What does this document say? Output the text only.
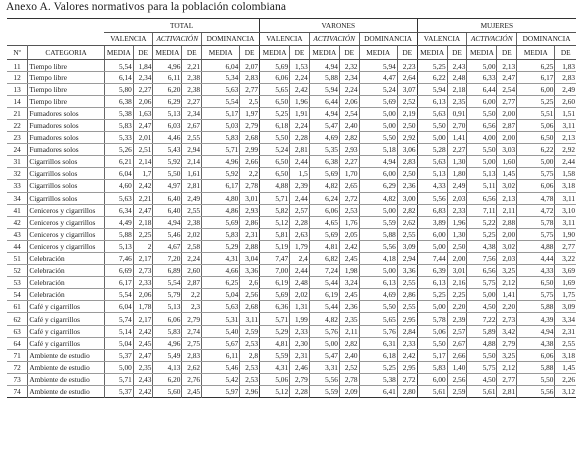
Anexo A. Valores normativos para la población colombiana
		TOTAL						VARONES						MUJERES					
		VALENCIA		ACTIVACIÓN		DOMINANCIA		VALENCIA		ACTIVACIÓN		DOMINANCIA		VALENCIA		ACTIVACIÓN		DOMINANCIA	
Nº	CATEGORIA	MEDIA	DE	MEDIA	DE	MEDIA	DE	MEDIA	DE	MEDIA	DE	MEDIA	DE	MEDIA	DE	MEDIA	DE	MEDIA	DE
11	Tiempo libre	5,54	1,84	4,96	2,21	6,04	2,07	5,69	1,53	4,94	2,32	5,94	2,23	5,25	2,43	5,00	2,13	6,25	1,83
12	Tiempo libre	6,14	2,34	6,11	2,38	5,34	2,83	6,06	2,24	5,88	2,34	4,47	2,64	6,22	2,48	6,33	2,47	6,17	2,83
13	Tiempo libre	5,80	2,27	6,20	2,38	5,63	2,77	5,65	2,42	5,94	2,24	5,24	3,07	5,94	2,18	6,44	2,54	6,00	2,49
14	Tiempo libre	6,38	2,06	6,29	2,27	5,54	2,5	6,50	1,96	6,44	2,06	5,69	2,52	6,13	2,35	6,00	2,77	5,25	2,60
21	Fumadores solos	5,38	1,63	5,13	2,34	5,17	1,97	5,25	1,91	4,94	2,54	5,00	2,19	5,63	0,91	5,50	2,00	5,51	1,51
22	Fumadores solos	5,83	2,47	6,03	2,67	5,03	2,79	6,18	2,24	5,47	2,40	5,00	2,50	5,50	2,70	6,56	2,87	5,06	3,11
23	Fumadores solos	5,33	2,01	4,46	2,55	5,83	2,68	5,50	2,28	4,69	2,82	5,50	2,92	5,00	1,41	4,00	2,00	6,50	2,13
24	Fumadores solos	5,26	2,51	5,43	2,94	5,71	2,99	5,24	2,81	5,35	2,93	5,18	3,06	5,28	2,27	5,50	3,03	6,22	2,92
31	Cigarrillos solos	6,21	2,14	5,92	2,14	4,96	2,66	6,50	2,44	6,38	2,27	4,94	2,83	5,63	1,30	5,00	1,60	5,00	2,44
32	Cigarrillos solos	6,04	1,7	5,50	1,61	5,92	2,2	6,50	1,5	5,69	1,70	6,00	2,50	5,13	1,80	5,13	1,45	5,75	1,58
33	Cigarrillos solos	4,60	2,42	4,97	2,81	6,17	2,78	4,88	2,39	4,82	2,65	6,29	2,36	4,33	2,49	5,11	3,02	6,06	3,18
34	Cigarrillos solos	5,63	2,21	6,40	2,49	4,80	3,01	5,71	2,44	6,24	2,72	4,82	3,00	5,56	2,03	6,56	2,13	4,78	3,11
41	Ceniceros y cigarrillos	6,34	2,47	6,40	2,55	4,86	2,93	5,82	2,57	6,06	2,53	5,00	2,82	6,83	2,33	7,11	2,11	4,72	3,10
42	Ceniceros y cigarrillos	4,49	2,18	4,94	2,38	5,69	2,86	5,12	2,28	4,65	1,76	5,59	2,62	3,89	1,96	5,22	2,88	5,78	3,11
43	Ceniceros y cigarrillos	5,88	2,25	5,46	2,02	5,83	2,31	5,81	2,63	5,69	2,05	5,88	2,55	6,00	1,30	5,25	2,00	5,75	1,90
44	Ceniceros y cigarrillos	5,13	2	4,67	2,58	5,29	2,88	5,19	1,79	4,81	2,42	5,56	3,09	5,00	2,50	4,38	3,02	4,88	2,77
51	Celebración	7,46	2,17	7,20	2,24	4,31	3,04	7,47	2,4	6,82	2,45	4,18	2,94	7,44	2,00	7,56	2,03	4,44	3,22
52	Celebración	6,69	2,73	6,89	2,60	4,66	3,36	7,00	2,44	7,24	1,98	5,00	3,36	6,39	3,01	6,56	3,25	4,33	3,69
53	Celebración	6,17	2,33	5,54	2,87	6,25	2,6	6,19	2,48	5,44	3,24	6,13	2,55	6,13	2,16	5,75	2,12	6,50	1,69
54	Celebración	5,54	2,06	5,79	2,2	5,04	2,56	5,69	2,02	6,19	2,45	4,69	2,86	5,25	2,25	5,00	1,41	5,75	1,75
61	Café y cigarrillos	6,04	1,78	5,13	2,3	5,63	2,68	6,36	1,31	5,44	2,36	5,50	2,55	5,00	2,20	4,50	2,20	5,88	3,09
62	Café y cigarrillos	5,74	2,17	6,06	2,79	5,31	3,11	5,71	1,99	4,82	2,35	5,65	2,95	5,78	2,39	7,22	2,73	4,39	3,34
63	Café y cigarrillos	5,14	2,42	5,83	2,74	5,40	2,59	5,29	2,33	5,76	2,11	5,76	2,84	5,06	2,57	5,89	3,42	4,94	2,31
64	Café y cigarrillos	5,04	2,45	4,96	2,75	5,67	2,53	4,81	2,30	5,00	2,82	6,31	2,33	5,50	2,67	4,88	2,79	4,38	2,55
71	Ambiente de estudio	5,37	2,47	5,49	2,83	6,11	2,8	5,59	2,31	5,47	2,40	6,18	2,42	5,17	2,66	5,50	3,25	6,06	3,18
72	Ambiente de estudio	5,00	2,35	4,13	2,62	5,46	2,53	4,31	2,46	3,31	2,52	5,25	2,95	5,83	1,40	5,75	2,12	5,88	1,45
73	Ambiente de estudio	5,71	2,43	6,20	2,76	5,42	2,53	5,06	2,79	5,56	2,78	5,38	2,72	6,00	2,56	4,50	2,77	5,50	2,26
74	Ambiente de estudio	5,37	2,42	5,60	2,45	5,97	2,96	5,12	2,28	5,59	2,09	6,41	2,80	5,61	2,59	5,61	2,81	5,56	3,12
